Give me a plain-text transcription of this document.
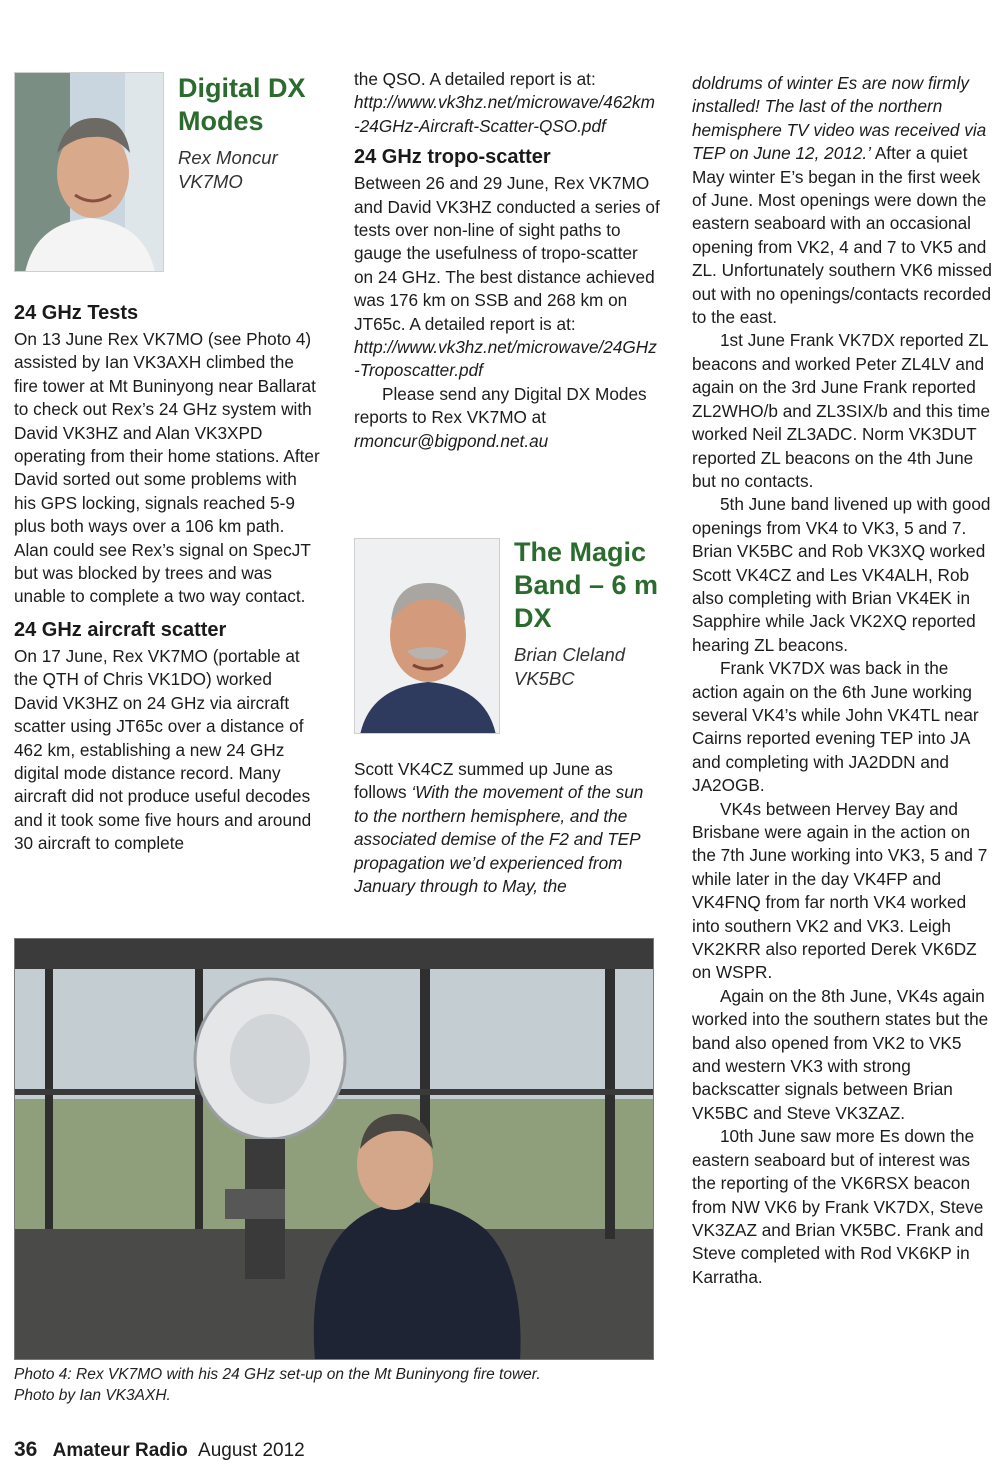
Digital DX Modes
Rex Moncur
VK7MO
24 GHz Tests

On 13 June Rex VK7MO (see Photo 4) assisted by Ian VK3AXH climbed the fire tower at Mt Buninyong near Ballarat to check out Rex’s 24 GHz system with David VK3HZ and Alan VK3XPD operating from their home stations. After David sorted out some problems with his GPS locking, signals reached 5-9 plus both ways over a 106 km path. Alan could see Rex’s signal on SpecJT but was blocked by trees and was unable to complete a two way contact.

24 GHz aircraft scatter

On 17 June, Rex VK7MO (portable at the QTH of Chris VK1DO) worked David VK3HZ on 24 GHz via aircraft scatter using JT65c over a distance of 462 km, establishing a new 24 GHz digital mode distance record. Many aircraft did not produce useful decodes and it took some five hours and around 30 aircraft to complete

the QSO. A detailed report is at:

http://www.vk3hz.net/microwave/462km-24GHz-Aircraft-Scatter-QSO.pdf

24 GHz tropo-scatter

Between 26 and 29 June, Rex VK7MO and David VK3HZ conducted a series of tests over non-line of sight paths to gauge the usefulness of tropo-scatter on 24 GHz. The best distance achieved was 176 km on SSB and 268 km on JT65c. A detailed report is at:

http://www.vk3hz.net/microwave/24GHz-Troposcatter.pdf

Please send any Digital DX Modes reports to Rex VK7MO at

rmoncur@bigpond.net.au

The Magic Band – 6 m DX
Brian Cleland
VK5BC

Scott VK4CZ summed up June as follows ‘With the movement of the sun to the northern hemisphere, and the associated demise of the F2 and TEP propagation we’d experienced from January through to May, the

doldrums of winter Es are now firmly installed! The last of the northern hemisphere TV video was received via TEP on June 12, 2012.’ After a quiet May winter E’s began in the first week of June. Most openings were down the eastern seaboard with an occasional opening from VK2, 4 and 7 to VK5 and ZL. Unfortunately southern VK6 missed out with no openings/contacts recorded to the east.

1st June Frank VK7DX reported ZL beacons and worked Peter ZL4LV and again on the 3rd June Frank reported ZL2WHO/b and ZL3SIX/b and this time worked Neil ZL3ADC. Norm VK3DUT reported ZL beacons on the 4th June but no contacts.

5th June band livened up with good openings from VK4 to VK3, 5 and 7. Brian VK5BC and Rob VK3XQ worked Scott VK4CZ and Les VK4ALH, Rob also completing with Brian VK4EK in Sapphire while Jack VK2XQ reported hearing ZL beacons.

Frank VK7DX was back in the action again on the 6th June working several VK4’s while John VK4TL near Cairns reported evening TEP into JA and completing with JA2DDN and JA2OGB.

VK4s between Hervey Bay and Brisbane were again in the action on the 7th June working into VK3, 5 and 7 while later in the day VK4FP and VK4FNQ from far north VK4 worked into southern VK2 and VK3. Leigh VK2KRR also reported Derek VK6DZ on WSPR.

Again on the 8th June, VK4s again worked into the southern states but the band also opened from VK2 to VK5 and western VK3 with strong backscatter signals between Brian VK5BC and Steve VK3ZAZ.

10th June saw more Es down the eastern seaboard but of interest was the reporting of the VK6RSX beacon from NW VK6 by Frank VK7DX, Steve VK3ZAZ and Brian VK5BC. Frank and Steve completed with Rod VK6KP in Karratha.

Photo 4: Rex VK7MO with his 24 GHz set-up on the Mt Buninyong fire tower.
Photo by Ian VK3AXH.
36 Amateur Radio August 2012
